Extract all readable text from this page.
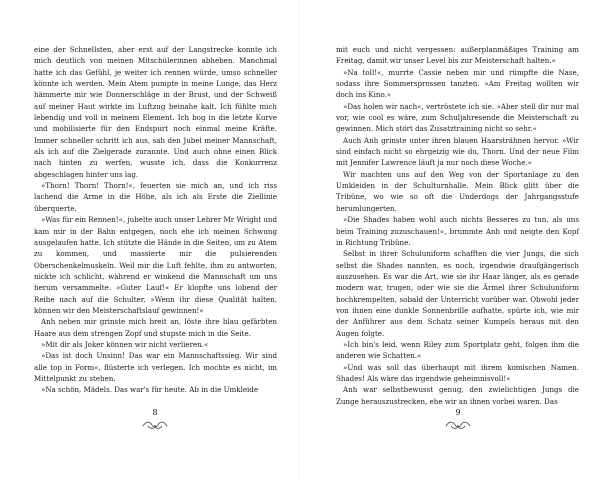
eine der Schnellsten, aber erst auf der Langstrecke konnte ich mich deutlich von meinen Mitschülerinnen abheben. Manchmal hatte ich das Gefühl, je weiter ich rennen würde, umso schneller könnte ich werden. Mein Atem pumpte in meine Lunge, das Herz hämmerte mir wie Donnerschläge in der Brust, und der Schweiß auf meiner Haut wirkte im Luftzug beinahe kalt. Ich fühlte mich lebendig und voll in meinem Element. Ich bog in die letzte Kurve und mobilisierte für den Endspurt noch einmal meine Kräfte. Immer schneller schritt ich aus, sah den Jubel meiner Mannschaft, als ich auf die Zielgerade zurannte. Und auch ohne einen Blick nach hinten zu werfen, wusste ich, dass die Konkurrenz abgeschlagen hinter uns lag.

»Thorn! Thorn! Thorn!«, feuerten sie mich an, und ich riss lachend die Arme in die Höhe, als ich als Erste die Ziellinie überquerte.

»Was für ein Rennen!«, jubelte auch unser Lehrer Mr Wright und kam mir in der Bahn entgegen, noch ehe ich meinen Schwung ausgelaufen hatte. Ich stützte die Hände in die Seiten, um zu Atem zu kommen, und massierte mir die pulsierenden Oberschenkelmuskeln. Weil mir die Luft fehlte, ihm zu antworten, nickte ich schlicht, während er winkend die Mannschaft um uns herum versammelte. »Guter Lauf!« Er klopfte uns lobend der Reihe nach auf die Schulter. »Wenn ihr diese Qualität halten, können wir den Meisterschaftslauf gewinnen!«

Anh neben mir grinste mich breit an, löste ihre blau gefärbten Haare aus dem strengen Zopf und stupste mich in die Seite.

»Mit dir als Joker können wir nicht verlieren.«

»Das ist doch Unsinn! Das war ein Mannschaftssieg. Wir sind alle top in Form«, flüsterte ich verlegen. Ich mochte es nicht, im Mittelpunkt zu stehen.

»Na schön, Mädels. Das war's für heute. Ab in die Umkleide

8

mit euch und nicht vergessen: außerplanmäßiges Training am Freitag, damit wir unser Level bis zur Meisterschaft halten.«

»Na toll!«, murrte Cassie neben mir und rümpfte die Nase, sodass ihre Sommersprossen tanzten. »Am Freitag wollten wir doch ins Kino.«

»Das holen wir nach«, vertröstete ich sie. »Aber stell dir nur mal vor, wie cool es wäre, zum Schuljahresende die Meisterschaft zu gewinnen. Mich stört das Zusatztraining nicht so sehr.«

Auch Anh grinste unter ihren blauen Haarsträhnen hervor. »Wir sind einfach nicht so ehrgeizig wie du, Thorn. Und der neue Film mit Jennifer Lawrence läuft ja nur noch diese Woche.«

Wir machten uns auf den Weg von der Sportanlage zu den Umkleiden in der Schulturnhalle. Mein Blick glitt über die Tribüne, wo wie so oft die Underdogs der Jahrgangsstufe herumlungerten.

»Die Shades haben wohl auch nichts Besseres zu tun, als uns beim Training zuzuschauen!«, brummte Anh und neigte den Kopf in Richtung Tribüne.

Selbst in ihrer Schuluniform schafften die vier Jungs, die sich selbst die Shades nannten, es noch, irgendwie draufgängerisch auszusehen. Es war die Art, wie sie ihr Haar länger, als es gerade modern war, trugen, oder wie sie die Ärmel ihrer Schuluniform hochkrempelten, sobald der Unterricht vorüber war. Obwohl jeder von ihnen eine dunkle Sonnenbrille aufhatte, spürte ich, wie mir der Anführer aus dem Schatz seiner Kumpels heraus mit den Augen folgte.

»Ich bin's leid, wenn Riley zum Sportplatz geht, folgen ihm die anderen wie Schatten.«

»Und was soll das überhaupt mit ihrem komischen Namen. Shades! Als wäre das irgendwie geheimnisvoll!«

Anh war selbstbewusst genug, den zwielichtigen Jungs die Zunge herauszustrecken, ehe wir an ihnen vorbei waren. Das

9
